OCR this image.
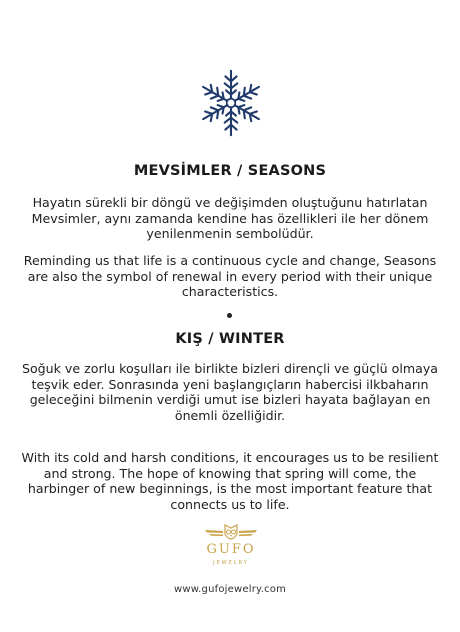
MEVSİMLER / SEASONS
Hayatın sürekli bir döngü ve değişimden oluştuğunu hatırlatan Mevsimler, aynı zamanda kendine has özellikleri ile her dönem yenilenmenin sembolüdür.
Reminding us that life is a continuous cycle and change, Seasons are also the symbol of renewal in every period with their unique characteristics.
KIŞ / WINTER
Soğuk ve zorlu koşulları ile birlikte bizleri dirençli ve güçlü olmaya teşvik eder. Sonrasında yeni başlangıçların habercisi ilkbaharın geleceğini bilmenin verdiği umut ise bizleri hayata bağlayan en önemli özelliğidir.
With its cold and harsh conditions, it encourages us to be resilient and strong. The hope of knowing that spring will come, the harbinger of new beginnings, is the most important feature that connects us to life.
GUFO
JEWELRY
www.gufojewelry.com
